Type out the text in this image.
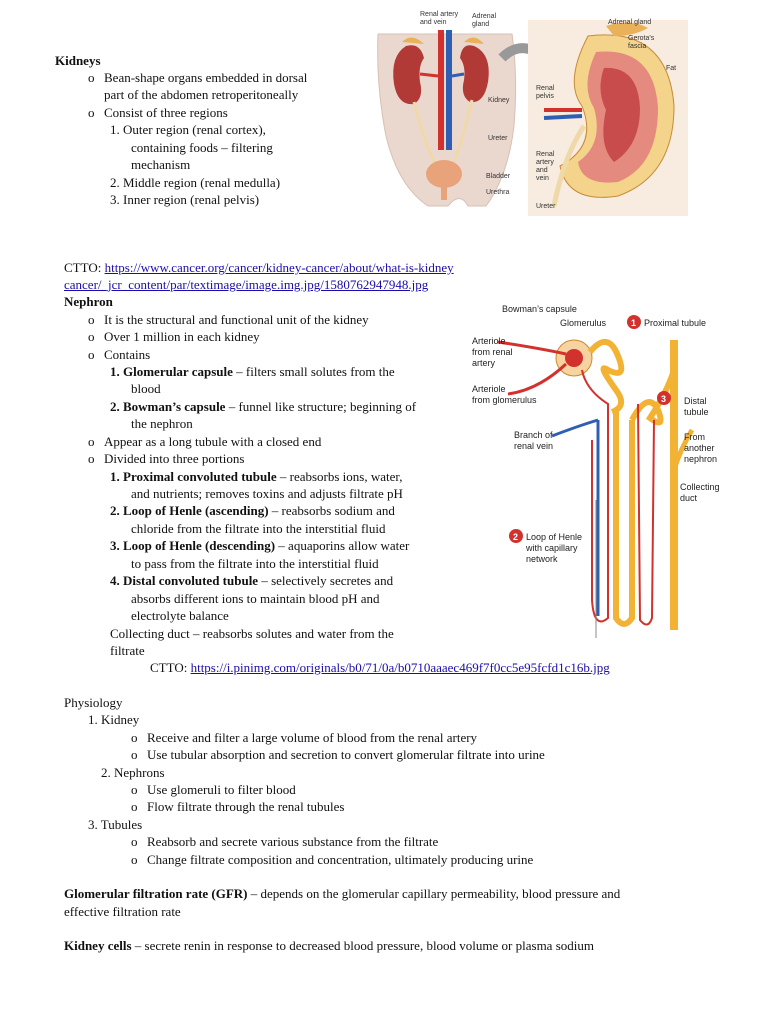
Kidneys
o Bean-shape organs embedded in dorsal
part of the abdomen retroperitoneally
o Consist of three regions
1. Outer region (renal cortex),
containing foods – filtering
mechanism
2. Middle region (renal medulla)
3. Inner region (renal pelvis)
Renal artery
and vein
Adrenal
gland
Kidney
Ureter
Bladder
Urethra
Adrenal gland
Gerota's
fascia
Fat
Renal
pelvis
Renal
artery
and
vein
Ureter
CTTO: https://www.cancer.org/cancer/kidney-cancer/about/what-is-kidney
cancer/_jcr_content/par/textimage/image.img.jpg/1580762947948.jpg
Nephron
o It is the structural and functional unit of the kidney
o Over 1 million in each kidney
o Contains
1. Glomerular capsule – filters small solutes from the
blood
2. Bowman’s capsule – funnel like structure; beginning of
the nephron
o Appear as a long tubule with a closed end
o Divided into three portions
1. Proximal convoluted tubule – reabsorbs ions, water,
and nutrients; removes toxins and adjusts filtrate pH
2. Loop of Henle (ascending) – reabsorbs sodium and
chloride from the filtrate into the interstitial fluid
3. Loop of Henle (descending) – aquaporins allow water
to pass from the filtrate into the interstitial fluid
4. Distal convoluted tubule – selectively secretes and
absorbs different ions to maintain blood pH and
electrolyte balance
Collecting duct – reabsorbs solutes and water from the
filtrate
1
3
2
Bowman’s capsule
Glomerulus	Proximal tubule
Arteriole
from renal
artery
Arteriole
from glomerulus	Distal
tubule
Branch of
renal vein
From
another
nephron
Collecting
duct
Loop of Henle
with capillary
network
CTTO: https://i.pinimg.com/originals/b0/71/0a/b0710aaaec469f7f0cc5e95fcfd1c16b.jpg
Physiology
1. Kidney
o Receive and filter a large volume of blood from the renal artery
o Use tubular absorption and secretion to convert glomerular filtrate into urine
2. Nephrons
o Use glomeruli to filter blood
o Flow filtrate through the renal tubules
3. Tubules
o Reabsorb and secrete various substance from the filtrate
o Change filtrate composition and concentration, ultimately producing urine
Glomerular filtration rate (GFR) – depends on the glomerular capillary permeability, blood pressure and
effective filtration rate
Kidney cells – secrete renin in response to decreased blood pressure, blood volume or plasma sodium
